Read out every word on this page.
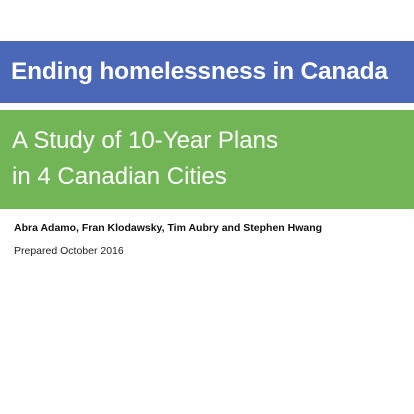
Ending homelessness in Canada
A Study of 10-Year Plans
in 4 Canadian Cities
Abra Adamo, Fran Klodawsky, Tim Aubry and Stephen Hwang
Prepared October 2016
